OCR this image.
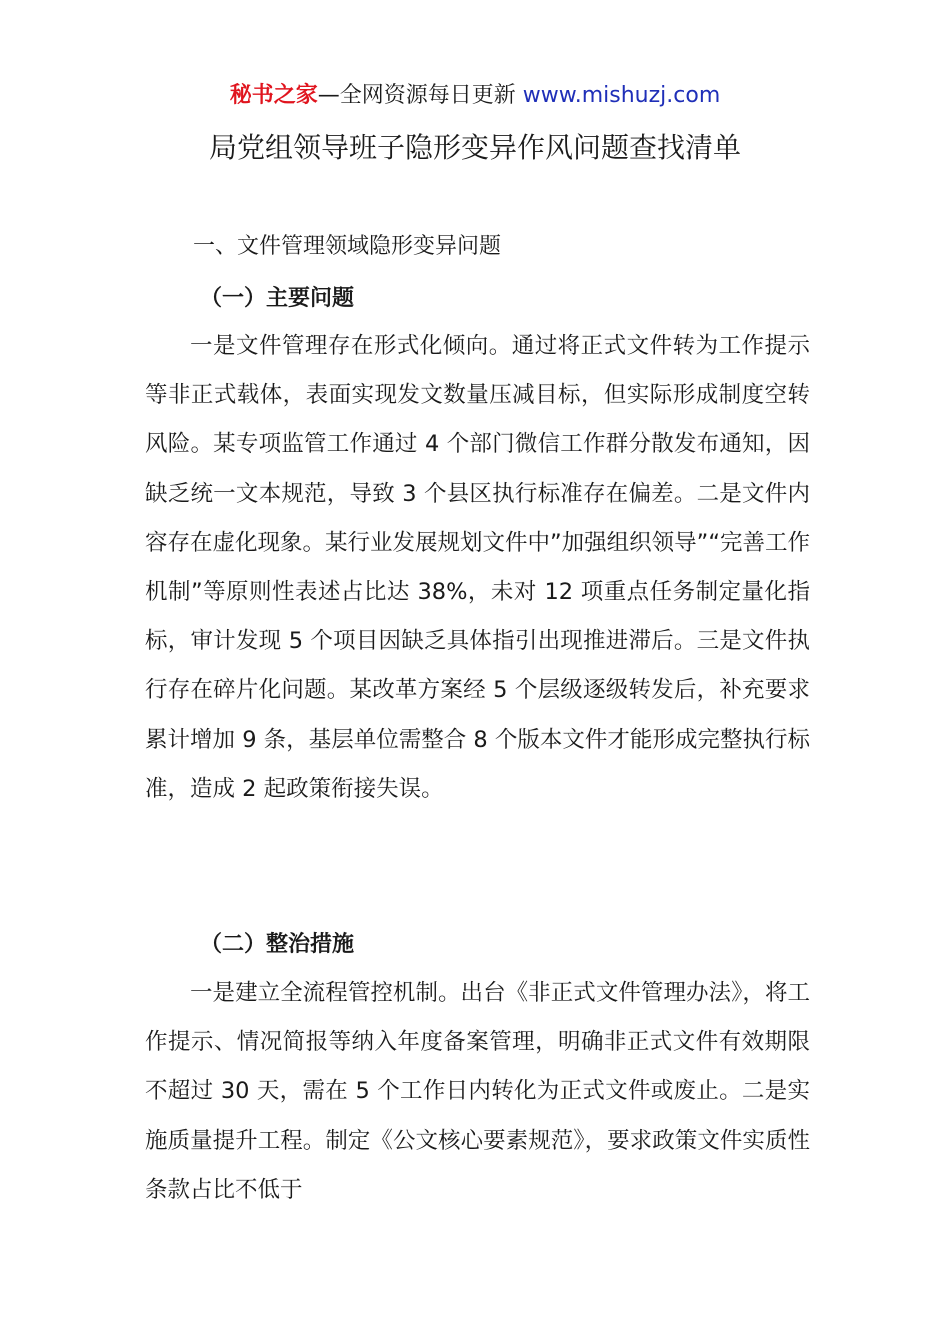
秘书之家—全网资源每日更新 www.mishuzj.com
局党组领导班子隐形变异作风问题查找清单
一、文件管理领域隐形变异问题
（一）主要问题

一是文件管理存在形式化倾向。通过将正式文件转为工作提示等非正式载体，表面实现发文数量压减目标，但实际形成制度空转风险。某专项监管工作通过 4 个部门微信工作群分散发布通知，因缺乏统一文本规范，导致 3 个县区执行标准存在偏差。二是文件内容存在虚化现象。某行业发展规划文件中”加强组织领导”“完善工作机制”等原则性表述占比达 38%，未对 12 项重点任务制定量化指标，审计发现 5 个项目因缺乏具体指引出现推进滞后。三是文件执行存在碎片化问题。某改革方案经 5 个层级逐级转发后，补充要求累计增加 9 条，基层单位需整合 8 个版本文件才能形成完整执行标准，造成 2 起政策衔接失误。

（二）整治措施

一是建立全流程管控机制。出台《非正式文件管理办法》，将工作提示、情况简报等纳入年度备案管理，明确非正式文件有效期限不超过 30 天，需在 5 个工作日内转化为正式文件或废止。二是实施质量提升工程。制定《公文核心要素规范》，要求政策文件实质性条款占比不低于
